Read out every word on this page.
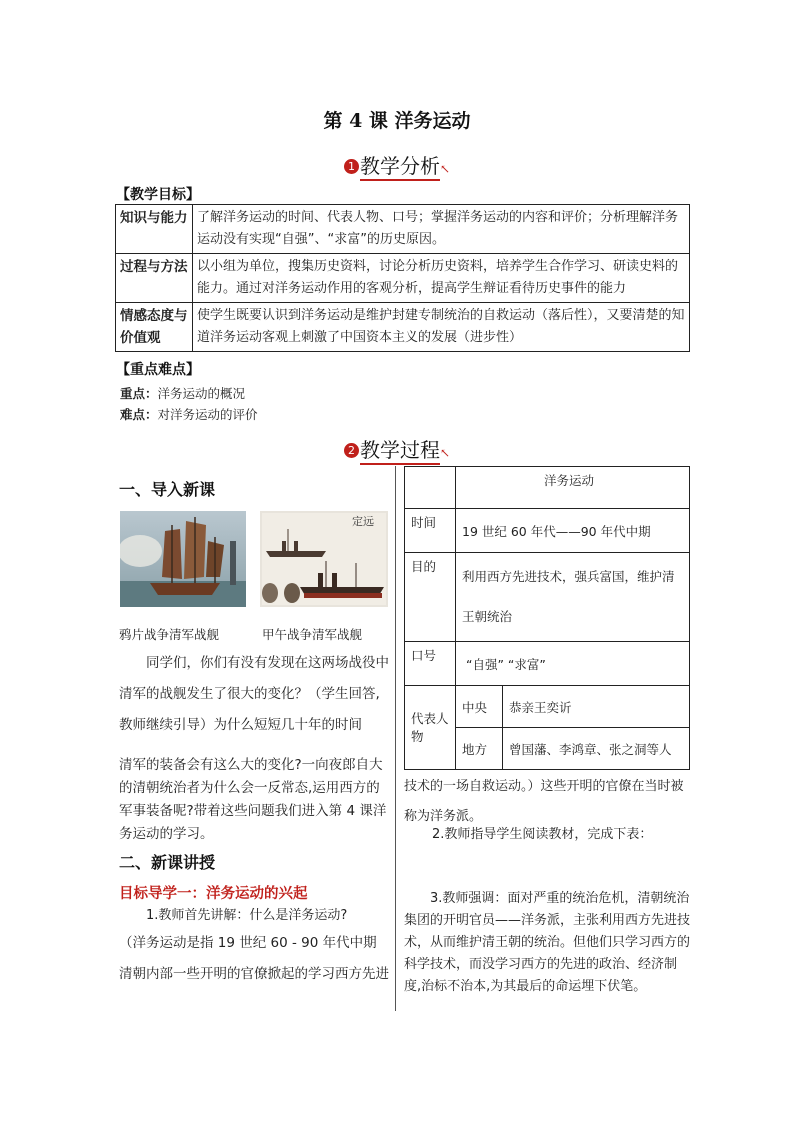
第 4 课 洋务运动
1 教学分析↖
【教学目标】
知识与能力	了解洋务运动的时间、代表人物、口号；掌握洋务运动的内容和评价；分析理解洋务运动没有实现“自强”、“求富”的历史原因。
过程与方法	以小组为单位，搜集历史资料，讨论分析历史资料，培养学生合作学习、研读史料的能力。通过对洋务运动作用的客观分析，提高学生辩证看待历史事件的能力
情感态度与价值观	使学生既要认识到洋务运动是维护封建专制统治的自救运动（落后性），又要清楚的知道洋务运动客观上刺激了中国资本主义的发展（进步性）
【重点难点】
重点：洋务运动的概况
难点：对洋务运动的评价
2 教学过程↖
一、导入新课
定远
鸦片战争清军战舰	甲午战争清军战舰
同学们，你们有没有发现在这两场战役中清军的战舰发生了很大的变化？（学生回答,教师继续引导）为什么短短几十年的时间
清军的装备会有这么大的变化?一向夜郎自大的清朝统治者为什么会一反常态,运用西方的军事装备呢?带着这些问题我们进入第 4 课洋务运动的学习。
二、新课讲授
目标导学一：洋务运动的兴起
1.教师首先讲解：什么是洋务运动?
（洋务运动是指 19 世纪 60 - 90 年代中期清朝内部一些开明的官僚掀起的学习西方先进
	洋务运动	
时间	19 世纪 60 年代——90 年代中期	
目的	利用西方先进技术，强兵富国，维护清王朝统治	
口号	“自强” “求富”	
代表人物	中央	恭亲王奕䜣
	地方	曾国藩、李鸿章、张之洞等人
技术的一场自救运动。）这些开明的官僚在当时被称为洋务派。
2.教师指导学生阅读教材，完成下表：
3.教师强调：面对严重的统治危机，清朝统治集团的开明官员——洋务派，主张利用西方先进技术，从而维护清王朝的统治。但他们只学习西方的科学技术，而没学习西方的先进的政治、经济制度,治标不治本,为其最后的命运埋下伏笔。
